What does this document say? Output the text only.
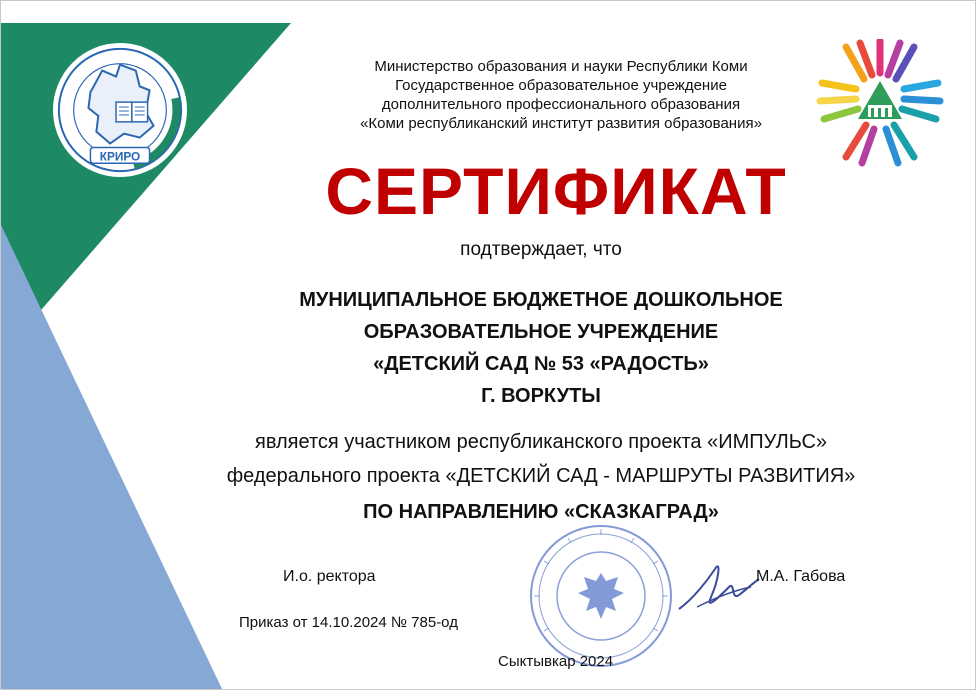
КРИРО
Министерство образования и науки Республики Коми
Государственное образовательное учреждение
дополнительного профессионального образования
«Коми республиканский институт развития образования»
СЕРТИФИКАТ
подтверждает, что
МУНИЦИПАЛЬНОЕ БЮДЖЕТНОЕ ДОШКОЛЬНОЕ
ОБРАЗОВАТЕЛЬНОЕ УЧРЕЖДЕНИЕ
«ДЕТСКИЙ САД № 53 «РАДОСТЬ»
Г. ВОРКУТЫ
является участником республиканского проекта «ИМПУЛЬС»
федерального проекта «ДЕТСКИЙ САД - МАРШРУТЫ РАЗВИТИЯ»
ПО НАПРАВЛЕНИЮ «СКАЗКАГРАД»
И.о. ректора	М.А. Габова
Приказ от 14.10.2024 № 785-од
Сыктывкар 2024
